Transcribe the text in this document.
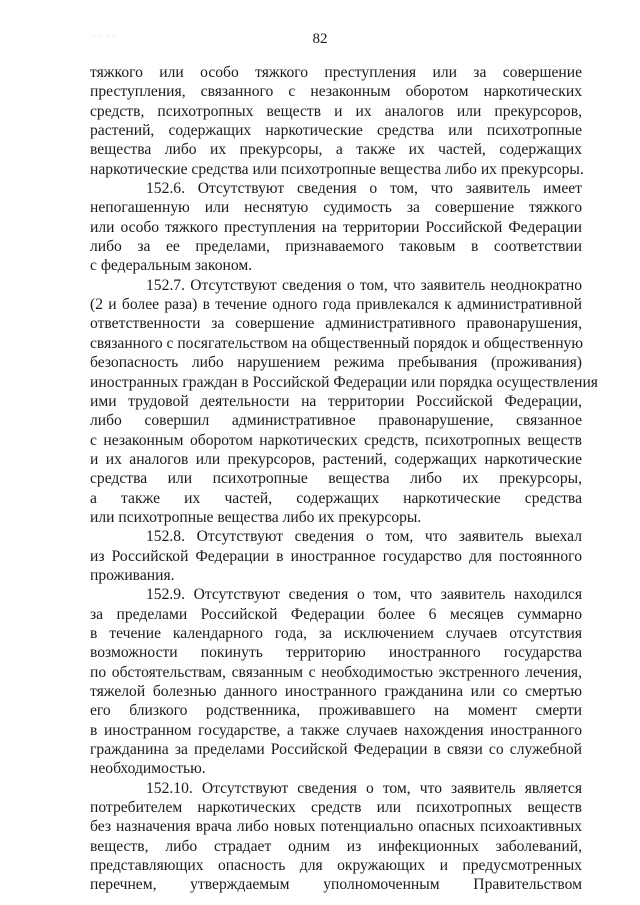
82
·· ··
тяжкого или особо тяжкого преступления или за совершение
преступления, связанного с незаконным оборотом наркотических
средств, психотропных веществ и их аналогов или прекурсоров,
растений, содержащих наркотические средства или психотропные
вещества либо их прекурсоры, а также их частей, содержащих
наркотические средства или психотропные вещества либо их прекурсоры.
152.6. Отсутствуют сведения о том, что заявитель имеет
непогашенную или неснятую судимость за совершение тяжкого
или особо тяжкого преступления на территории Российской Федерации
либо за ее пределами, признаваемого таковым в соответствии
с федеральным законом.
152.7. Отсутствуют сведения о том, что заявитель неоднократно
(2 и более раза) в течение одного года привлекался к административной
ответственности за совершение административного правонарушения,
связанного с посягательством на общественный порядок и общественную
безопасность либо нарушением режима пребывания (проживания)
иностранных граждан в Российской Федерации или порядка осуществления
ими трудовой деятельности на территории Российской Федерации,
либо совершил административное правонарушение, связанное
с незаконным оборотом наркотических средств, психотропных веществ
и их аналогов или прекурсоров, растений, содержащих наркотические
средства или психотропные вещества либо их прекурсоры,
а также их частей, содержащих наркотические средства
или психотропные вещества либо их прекурсоры.
152.8. Отсутствуют сведения о том, что заявитель выехал
из Российской Федерации в иностранное государство для постоянного
проживания.
152.9. Отсутствуют сведения о том, что заявитель находился
за пределами Российской Федерации более 6 месяцев суммарно
в течение календарного года, за исключением случаев отсутствия
возможности покинуть территорию иностранного государства
по обстоятельствам, связанным с необходимостью экстренного лечения,
тяжелой болезнью данного иностранного гражданина или со смертью
его близкого родственника, проживавшего на момент смерти
в иностранном государстве, а также случаев нахождения иностранного
гражданина за пределами Российской Федерации в связи со служебной
необходимостью.
152.10. Отсутствуют сведения о том, что заявитель является
потребителем наркотических средств или психотропных веществ
без назначения врача либо новых потенциально опасных психоактивных
веществ, либо страдает одним из инфекционных заболеваний,
представляющих опасность для окружающих и предусмотренных
перечнем, утверждаемым уполномоченным Правительством
